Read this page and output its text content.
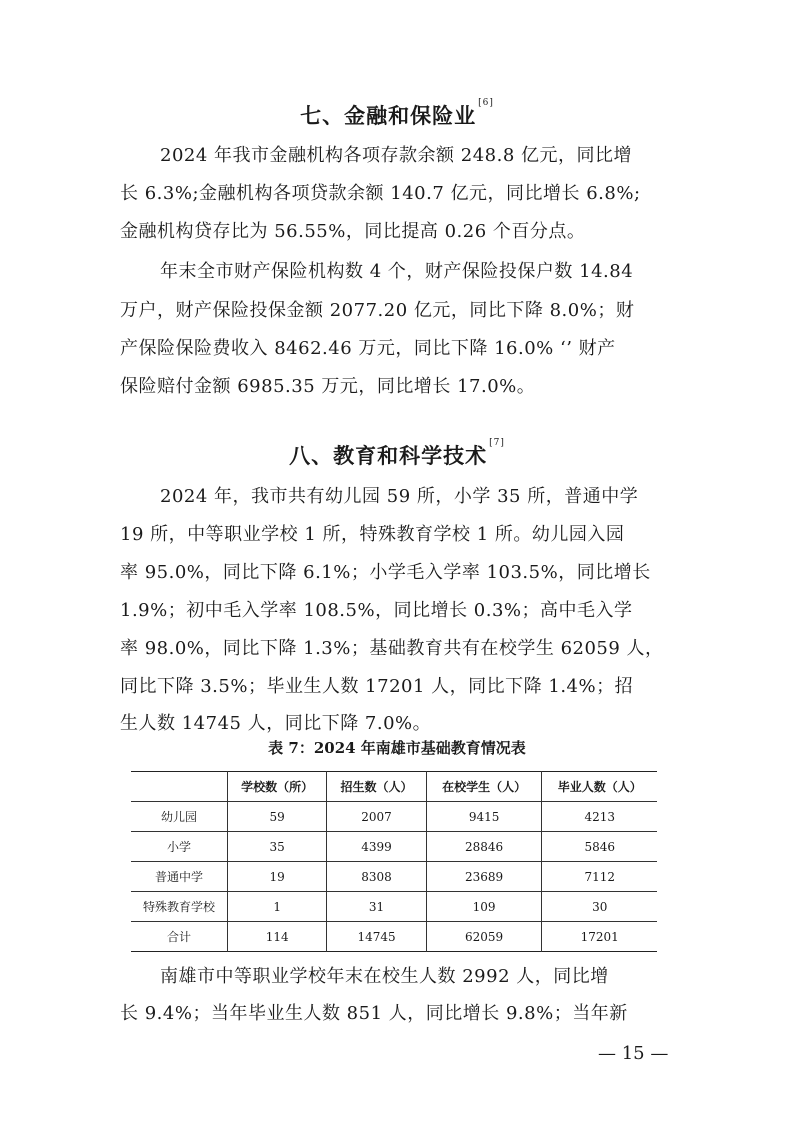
七、金融和保险业 [6]
2024 年我市金融机构各项存款余额 248.8 亿元，同比增
长 6.3%;金融机构各项贷款余额 140.7 亿元，同比增长 6.8%;
金融机构贷存比为 56.55%，同比提高 0.26 个百分点。
年末全市财产保险机构数 4 个，财产保险投保户数 14.84
万户，财产保险投保金额 2077.20 亿元，同比下降 8.0%；财
产保险保险费收入 8462.46 万元，同比下降 16.0% ‘’ 财产
保险赔付金额 6985.35 万元，同比增长 17.0%。
八、教育和科学技术 [7]
2024 年，我市共有幼儿园 59 所，小学 35 所，普通中学
19 所，中等职业学校 1 所，特殊教育学校 1 所。幼儿园入园
率 95.0%，同比下降 6.1%；小学毛入学率 103.5%，同比增长
1.9%；初中毛入学率 108.5%，同比增长 0.3%；高中毛入学
率 98.0%，同比下降 1.3%；基础教育共有在校学生 62059 人，
同比下降 3.5%；毕业生人数 17201 人，同比下降 1.4%；招
生人数 14745 人，同比下降 7.0%。
表 7：2024 年南雄市基础教育情况表
	学校数（所）	招生数（人）	在校学生（人）	毕业人数（人）
幼儿园	59	2007	9415	4213
小学	35	4399	28846	5846
普通中学	19	8308	23689	7112
特殊教育学校	1	31	109	30
合计	114	14745	62059	17201
南雄市中等职业学校年末在校生人数 2992 人，同比增
长 9.4%；当年毕业生人数 851 人，同比增长 9.8%；当年新
— 15 —
